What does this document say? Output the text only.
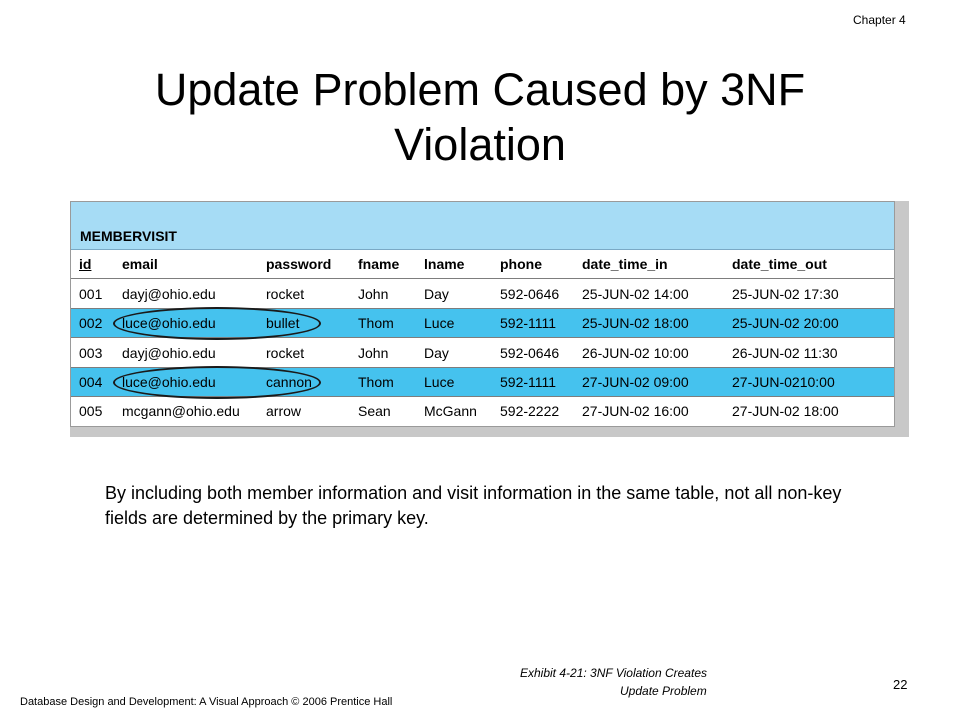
Chapter 4
Update Problem Caused by 3NF
Violation
MEMBERVISIT
id email	password fname lname	phone	date_time_in	date_time_out
001 dayj@ohio.edu	rocket	John	Day	592-0646 25-JUN-02 14:00	25-JUN-02 17:30
002 luce@ohio.edu	bullet	Thom Luce	592-1111 25-JUN-02 18:00	25-JUN-02 20:00
003 dayj@ohio.edu	rocket	John	Day	592-0646 26-JUN-02 10:00	26-JUN-02 11:30
004 luce@ohio.edu	cannon	Thom Luce	592-1111 27-JUN-02 09:00	27-JUN-0210:00
005 mcgann@ohio.edu arrow	Sean McGann 592-2222 27-JUN-02 16:00	27-JUN-02 18:00

By including both member information and visit information in the same table, not all non-key fields are determined by the primary key.

Exhibit 4-21: 3NF Violation Creates
Update Problem	22
Database Design and Development: A Visual Approach © 2006 Prentice Hall
